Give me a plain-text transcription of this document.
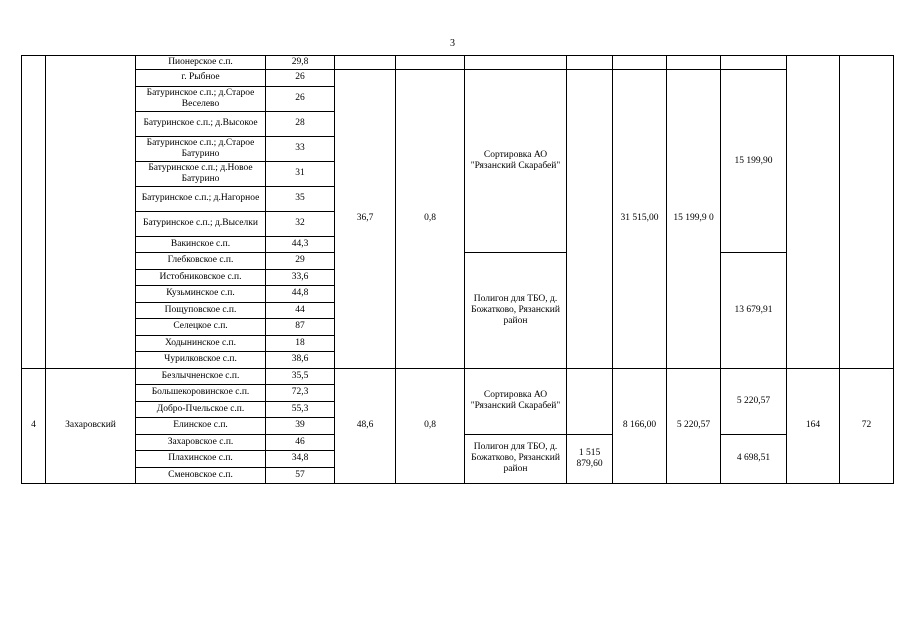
3
		Пионерское с.п.	29,8									
		г. Рыбное	26	36,7	0,8	Сортировка АО "Рязанский Скарабей"		31 515,00	15 199,9 0	15 199,90		
		Батуринское с.п.; д.Старое Веселево	26									
		Батуринское с.п.; д.Высокое	28									
		Батуринское с.п.; д.Старое Батурино	33									
		Батуринское с.п.; д.Новое Батурино	31									
		Батуринское с.п.; д.Нагорное	35									
		Батуринское с.п.; д.Выселки	32									
		Вакинское с.п.	44,3									
		Глебковское с.п.	29			Полигон для ТБО, д. Божатково, Рязанский район				13 679,91		
		Истобниковское с.п.	33,6									
		Кузьминское с.п.	44,8									
		Пощуповское с.п.	44									
		Селецкое с.п.	87									
		Ходынинское с.п.	18									
		Чурилковское с.п.	38,6									
4	Захаровский	Безлычненское с.п.	35,5	48,6	0,8	Сортировка АО "Рязанский Скарабей"		8 166,00	5 220,57	5 220,57	164	72
		Большекоровинское с.п.	72,3									
		Добро-Пчельское с.п.	55,3									
		Елинское с.п.	39									
		Захаровское с.п.	46			Полигон для ТБО, д. Божатково, Рязанский район	1 515 879,60			4 698,51		
		Плахинское с.п.	34,8									
		Сменовское с.п.	57									
